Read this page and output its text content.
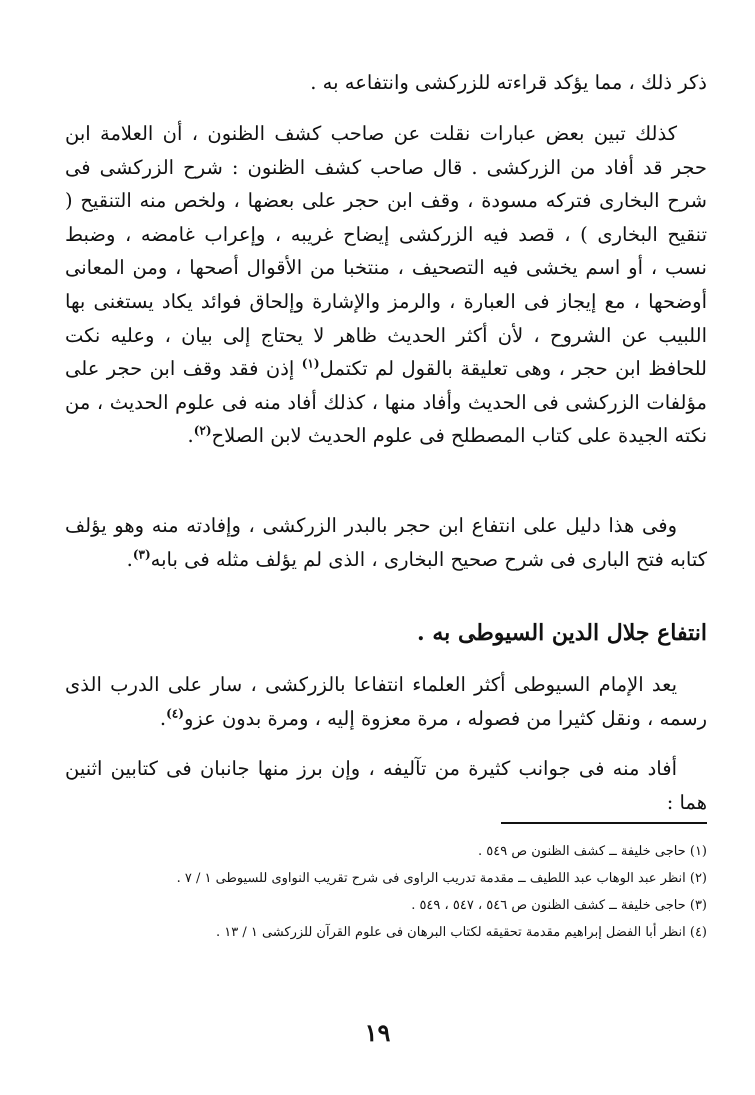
ذكر ذلك ، مما يؤكد قراءته للزركشى وانتفاعه به .

كذلك تبين بعض عبارات نقلت عن صاحب كشف الظنون ، أن العلامة ابن حجر قد أفاد من الزركشى . قال صاحب كشف الظنون : شرح الزركشى فى شرح البخارى فتركه مسودة ، وقف ابن حجر على بعضها ، ولخص منه التنقيح ( تنقيح البخارى ) ، قصد فيه الزركشى إيضاح غريبه ، وإعراب غامضه ، وضبط نسب ، أو اسم يخشى فيه التصحيف ، منتخبا من الأقوال أصحها ، ومن المعانى أوضحها ، مع إيجاز فى العبارة ، والرمز والإشارة وإلحاق فوائد يكاد يستغنى بها اللبيب عن الشروح ، لأن أكثر الحديث ظاهر لا يحتاج إلى بيان ، وعليه نكت للحافظ ابن حجر ، وهى تعليقة بالقول لم تكتمل$^{(١)}$ إذن فقد وقف ابن حجر على مؤلفات الزركشى فى الحديث وأفاد منها ، كذلك أفاد منه فى علوم الحديث ، من نكته الجيدة على كتاب المصطلح فى علوم الحديث لابن الصلاح$^{(٢)}$.

وفى هذا دليل على انتفاع ابن حجر بالبدر الزركشى ، وإفادته منه وهو يؤلف كتابه فتح البارى فى شرح صحيح البخارى ، الذى لم يؤلف مثله فى بابه$^{(٣)}$.

انتفاع جلال الدين السيوطى به .

يعد الإمام السيوطى أكثر العلماء انتفاعا بالزركشى ، سار على الدرب الذى رسمه ، ونقل كثيرا من فصوله ، مرة معزوة إليه ، ومرة بدون عزو$^{(٤)}$.

أفاد منه فى جوانب كثيرة من تآليفه ، وإن برز منها جانبان فى كتابين اثنين هما :

(١) حاجى خليفة ــ كشف الظنون ص ٥٤٩ .
(٢) انظر عبد الوهاب عبد اللطيف ــ مقدمة تدريب الراوى فى شرح تقريب النواوى للسيوطى ١ / ٧ .
(٣) حاجى خليفة ــ كشف الظنون ص ٥٤٦ ، ٥٤٧ ، ٥٤٩ .
(٤) انظر أبا الفضل إبراهيم مقدمة تحقيقه لكتاب البرهان فى علوم القرآن للزركشى ١ / ١٣ .
١٩
